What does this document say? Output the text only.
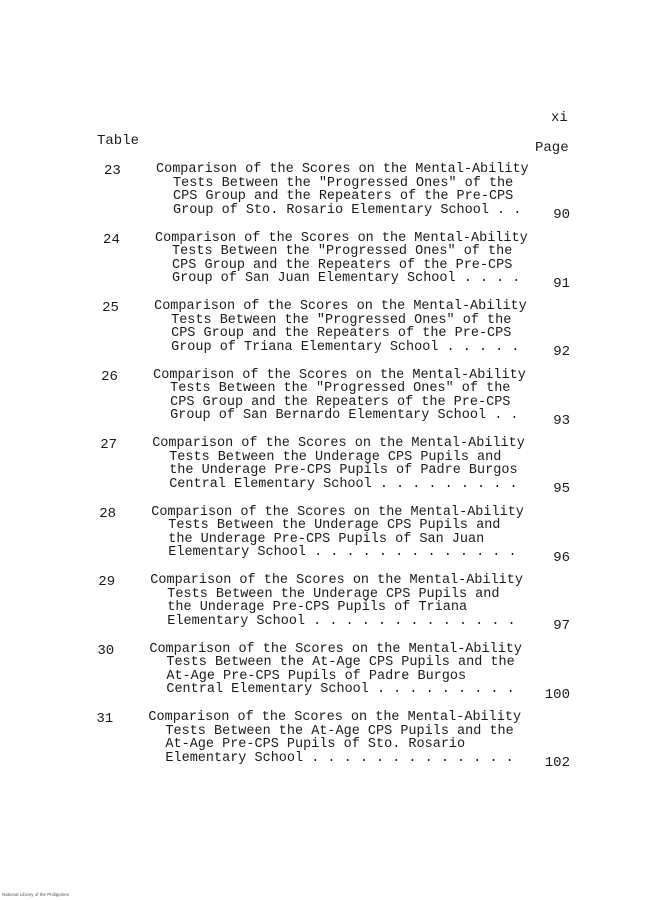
xi
Table	Page
23	Comparison of the Scores on the Mental-Ability
Tests Between the "Progressed Ones" of the
CPS Group and the Repeaters of the Pre-CPS
Group of Sto. Rosario Elementary School . .	90
24	Comparison of the Scores on the Mental-Ability
Tests Between the "Progressed Ones" of the
CPS Group and the Repeaters of the Pre-CPS
Group of San Juan Elementary School . . . .	91
25	Comparison of the Scores on the Mental-Ability
Tests Between the "Progressed Ones" of the
CPS Group and the Repeaters of the Pre-CPS
Group of Triana Elementary School . . . . .	92
26	Comparison of the Scores on the Mental-Ability
Tests Between the "Progressed Ones" of the
CPS Group and the Repeaters of the Pre-CPS
Group of San Bernardo Elementary School . .	93
27	Comparison of the Scores on the Mental-Ability
Tests Between the Underage CPS Pupils and
the Underage Pre-CPS Pupils of Padre Burgos
Central Elementary School . . . . . . . . .	95
28	Comparison of the Scores on the Mental-Ability
Tests Between the Underage CPS Pupils and
the Underage Pre-CPS Pupils of San Juan
Elementary School . . . . . . . . . . . . .	96
29	Comparison of the Scores on the Mental-Ability
Tests Between the Underage CPS Pupils and
the Underage Pre-CPS Pupils of Triana
Elementary School . . . . . . . . . . . . .	97
30	Comparison of the Scores on the Mental-Ability
Tests Between the At-Age CPS Pupils and the
At-Age Pre-CPS Pupils of Padre Burgos
Central Elementary School . . . . . . . . .	100
31	Comparison of the Scores on the Mental-Ability
Tests Between the At-Age CPS Pupils and the
At-Age Pre-CPS Pupils of Sto. Rosario
Elementary School . . . . . . . . . . . . .	102
National Library of the Philippines
